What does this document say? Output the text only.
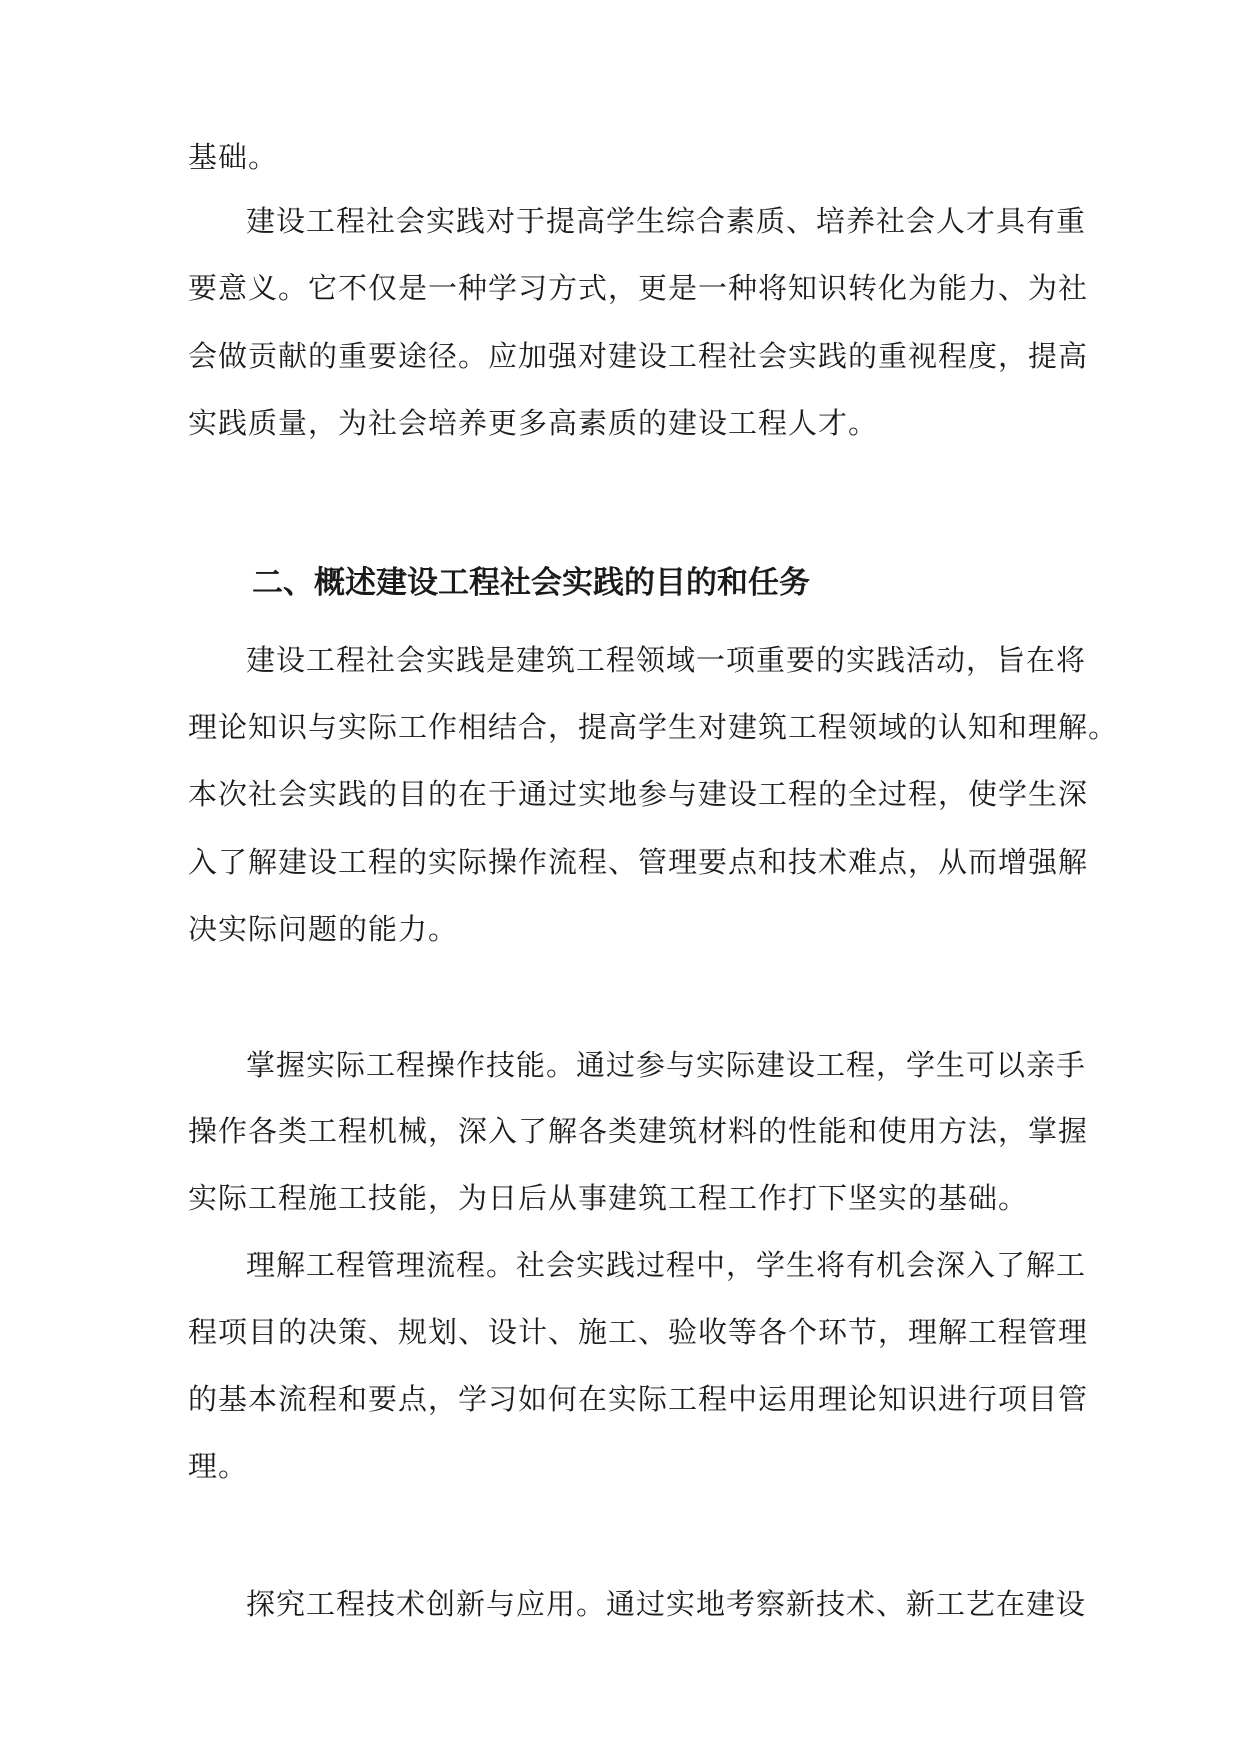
基础。
建设工程社会实践对于提高学生综合素质、培养社会人才具有重
要意义。它不仅是一种学习方式，更是一种将知识转化为能力、为社
会做贡献的重要途径。应加强对建设工程社会实践的重视程度，提高
实践质量，为社会培养更多高素质的建设工程人才。
二、概述建设工程社会实践的目的和任务
建设工程社会实践是建筑工程领域一项重要的实践活动，旨在将
理论知识与实际工作相结合，提高学生对建筑工程领域的认知和理解。
本次社会实践的目的在于通过实地参与建设工程的全过程，使学生深
入了解建设工程的实际操作流程、管理要点和技术难点，从而增强解
决实际问题的能力。
掌握实际工程操作技能。通过参与实际建设工程，学生可以亲手
操作各类工程机械，深入了解各类建筑材料的性能和使用方法，掌握
实际工程施工技能，为日后从事建筑工程工作打下坚实的基础。
理解工程管理流程。社会实践过程中，学生将有机会深入了解工
程项目的决策、规划、设计、施工、验收等各个环节，理解工程管理
的基本流程和要点，学习如何在实际工程中运用理论知识进行项目管
理。
探究工程技术创新与应用。通过实地考察新技术、新工艺在建设
